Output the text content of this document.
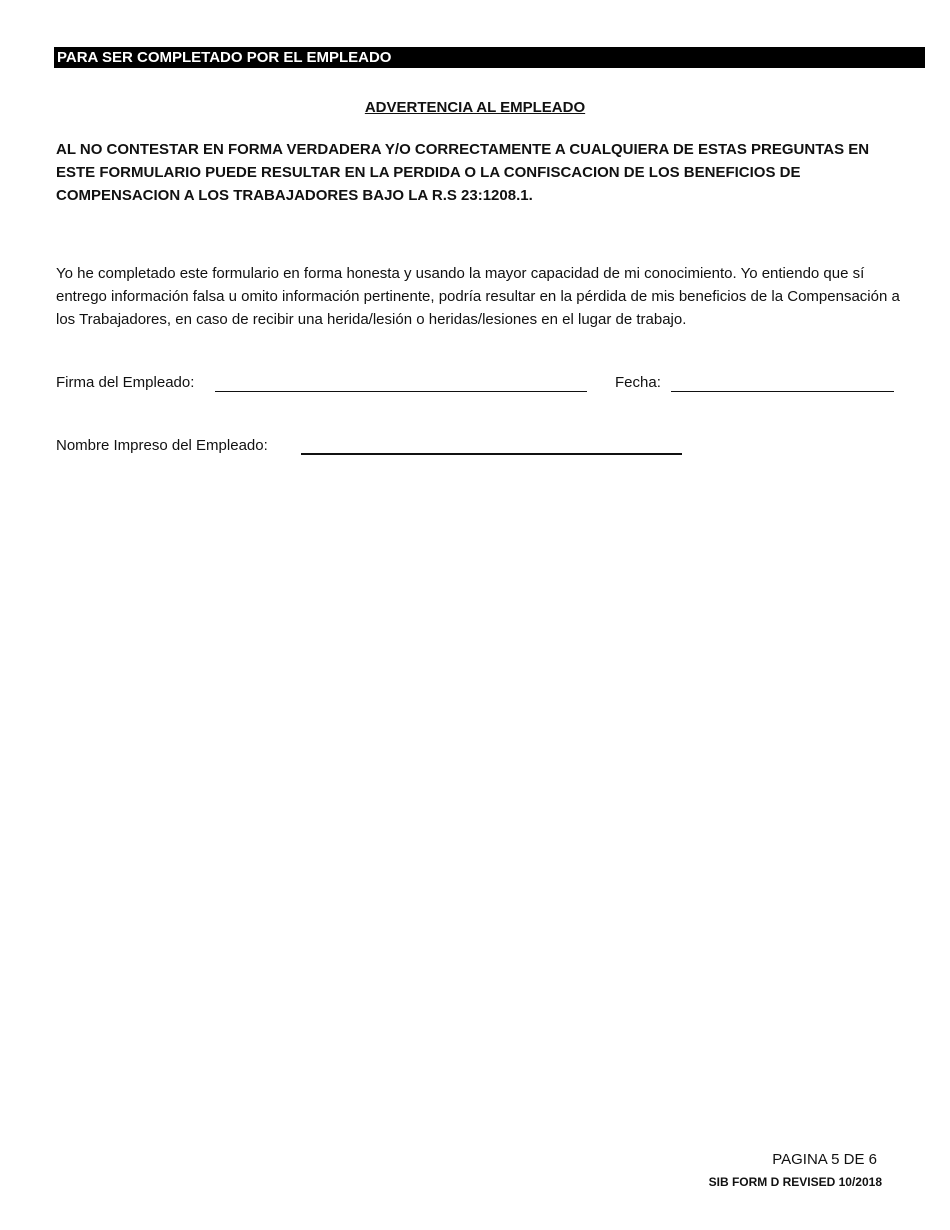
PARA SER COMPLETADO POR EL EMPLEADO
ADVERTENCIA AL EMPLEADO
AL NO CONTESTAR EN FORMA VERDADERA Y/O CORRECTAMENTE A CUALQUIERA DE ESTAS PREGUNTAS EN ESTE FORMULARIO PUEDE RESULTAR EN LA PERDIDA O LA CONFISCACION DE LOS BENEFICIOS DE COMPENSACION A LOS TRABAJADORES BAJO LA R.S 23:1208.1.
Yo he completado este formulario en forma honesta y usando la mayor capacidad de mi conocimiento. Yo entiendo que sí entrego información falsa u omito información pertinente, podría resultar en la pérdida de mis beneficios de la Compensación a los Trabajadores, en caso de recibir una herida/lesión o heridas/lesiones en el lugar de trabajo.
Firma del Empleado:	Fecha:
Nombre Impreso del Empleado:
PAGINA 5 DE 6
SIB FORM D REVISED 10/2018
